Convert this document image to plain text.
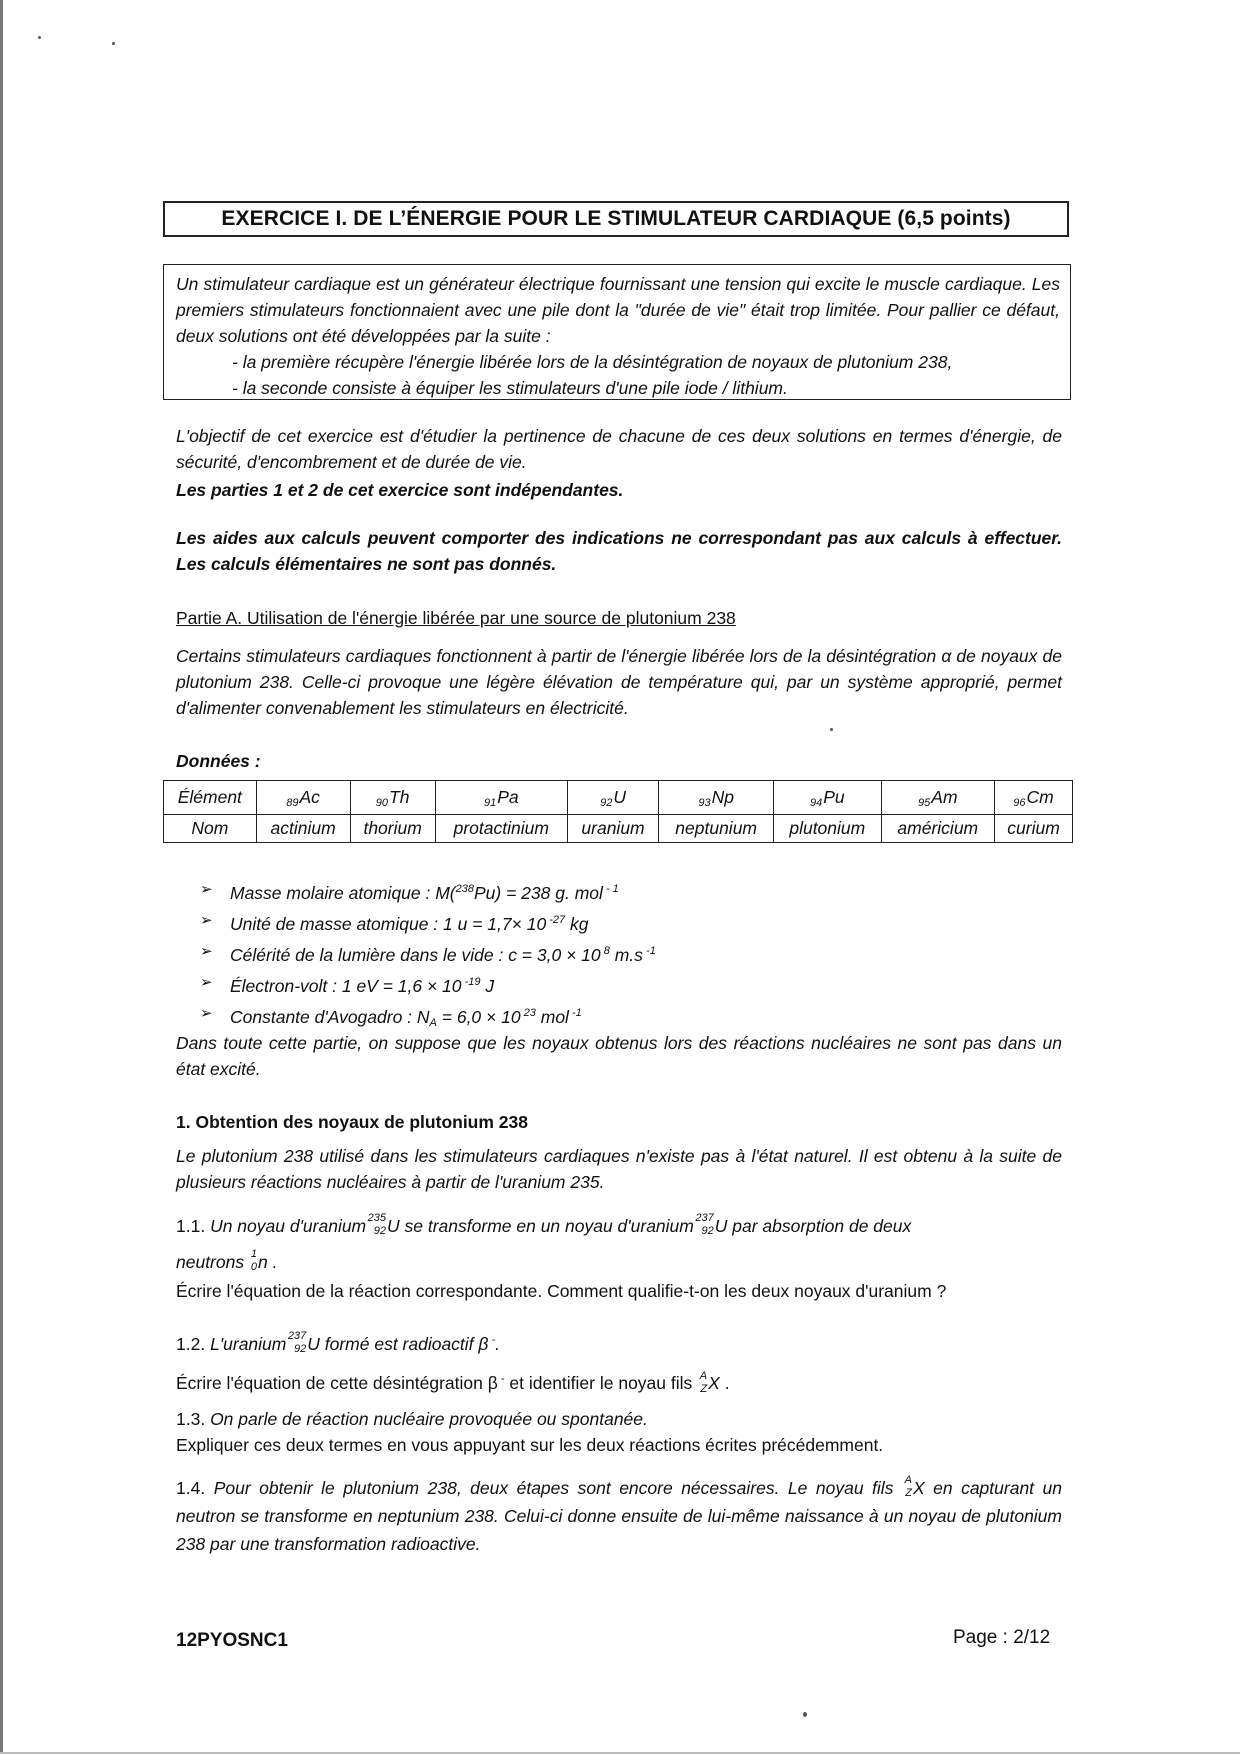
EXERCICE I. DE L’ÉNERGIE POUR LE STIMULATEUR CARDIAQUE (6,5 points)

Un stimulateur cardiaque est un générateur électrique fournissant une tension qui excite le muscle cardiaque. Les premiers stimulateurs fonctionnaient avec une pile dont la "durée de vie" était trop limitée. Pour pallier ce défaut, deux solutions ont été développées par la suite :

- la première récupère l'énergie libérée lors de la désintégration de noyaux de plutonium 238,

- la seconde consiste à équiper les stimulateurs d'une pile iode / lithium.

L'objectif de cet exercice est d'étudier la pertinence de chacune de ces deux solutions en termes d'énergie, de sécurité, d'encombrement et de durée de vie.

Les parties 1 et 2 de cet exercice sont indépendantes.
Les aides aux calculs peuvent comporter des indications ne correspondant pas aux calculs à effectuer. Les calculs élémentaires ne sont pas donnés.
Partie A. Utilisation de l'énergie libérée par une source de plutonium 238
Certains stimulateurs cardiaques fonctionnent à partir de l'énergie libérée lors de la désintégration α de noyaux de plutonium 238. Celle-ci provoque une légère élévation de température qui, par un système approprié, permet d'alimenter convenablement les stimulateurs en électricité.
Données :
Élément	$_{89}$Ac	$_{90}$Th	$_{91}$Pa	$_{92}$U	$_{93}$Np	$_{94}$Pu	$_{95}$Am	$_{96}$Cm
Nom	actinium	thorium	protactinium	uranium	neptunium	plutonium	américium	curium
➢ Masse molaire atomique : M($^{238}$Pu) = 238 g. mol $^{- 1}$
➢ Unité de masse atomique : 1 u = 1,7× 10 $^{-27}$ kg
➢ Célérité de la lumière dans le vide : c = 3,0 × 10 $^8$ m.s $^{-1}$
➢ Électron-volt : 1 eV = 1,6 × 10 $^{-19}$ J
➢ Constante d'Avogadro : $N_A = 6,0 \times 10$ $^{23}$ mol $^{-1}$
Dans toute cette partie, on suppose que les noyaux obtenus lors des réactions nucléaires ne sont pas dans un état excité.
1. Obtention des noyaux de plutonium 238
Le plutonium 238 utilisé dans les stimulateurs cardiaques n'existe pas à l'état naturel. Il est obtenu à la suite de plusieurs réactions nucléaires à partir de l'uranium 235.

1.1. Un noyau d'uranium
235
92 U se transforme en un noyau d'uranium
237
92 U par absorption de deux

neutrons 1
0 n .

Écrire l'équation de la réaction correspondante. Comment qualifie-t-on les deux noyaux d'uranium ?

1.2. L'uranium
237
92 U formé est radioactif β -.

Écrire l'équation de cette désintégration β - et identifier le noyau fils A
Z X .

1.3. On parle de réaction nucléaire provoquée ou spontanée.

Expliquer ces deux termes en vous appuyant sur les deux réactions écrites précédemment.

1.4. Pour obtenir le plutonium 238, deux étapes sont encore nécessaires. Le noyau fils A
Z X en capturant un neutron se transforme en neptunium 238. Celui-ci donne ensuite de lui-même naissance à un noyau de plutonium 238 par une transformation radioactive.

12PYOSNC1	Page : 2/12
